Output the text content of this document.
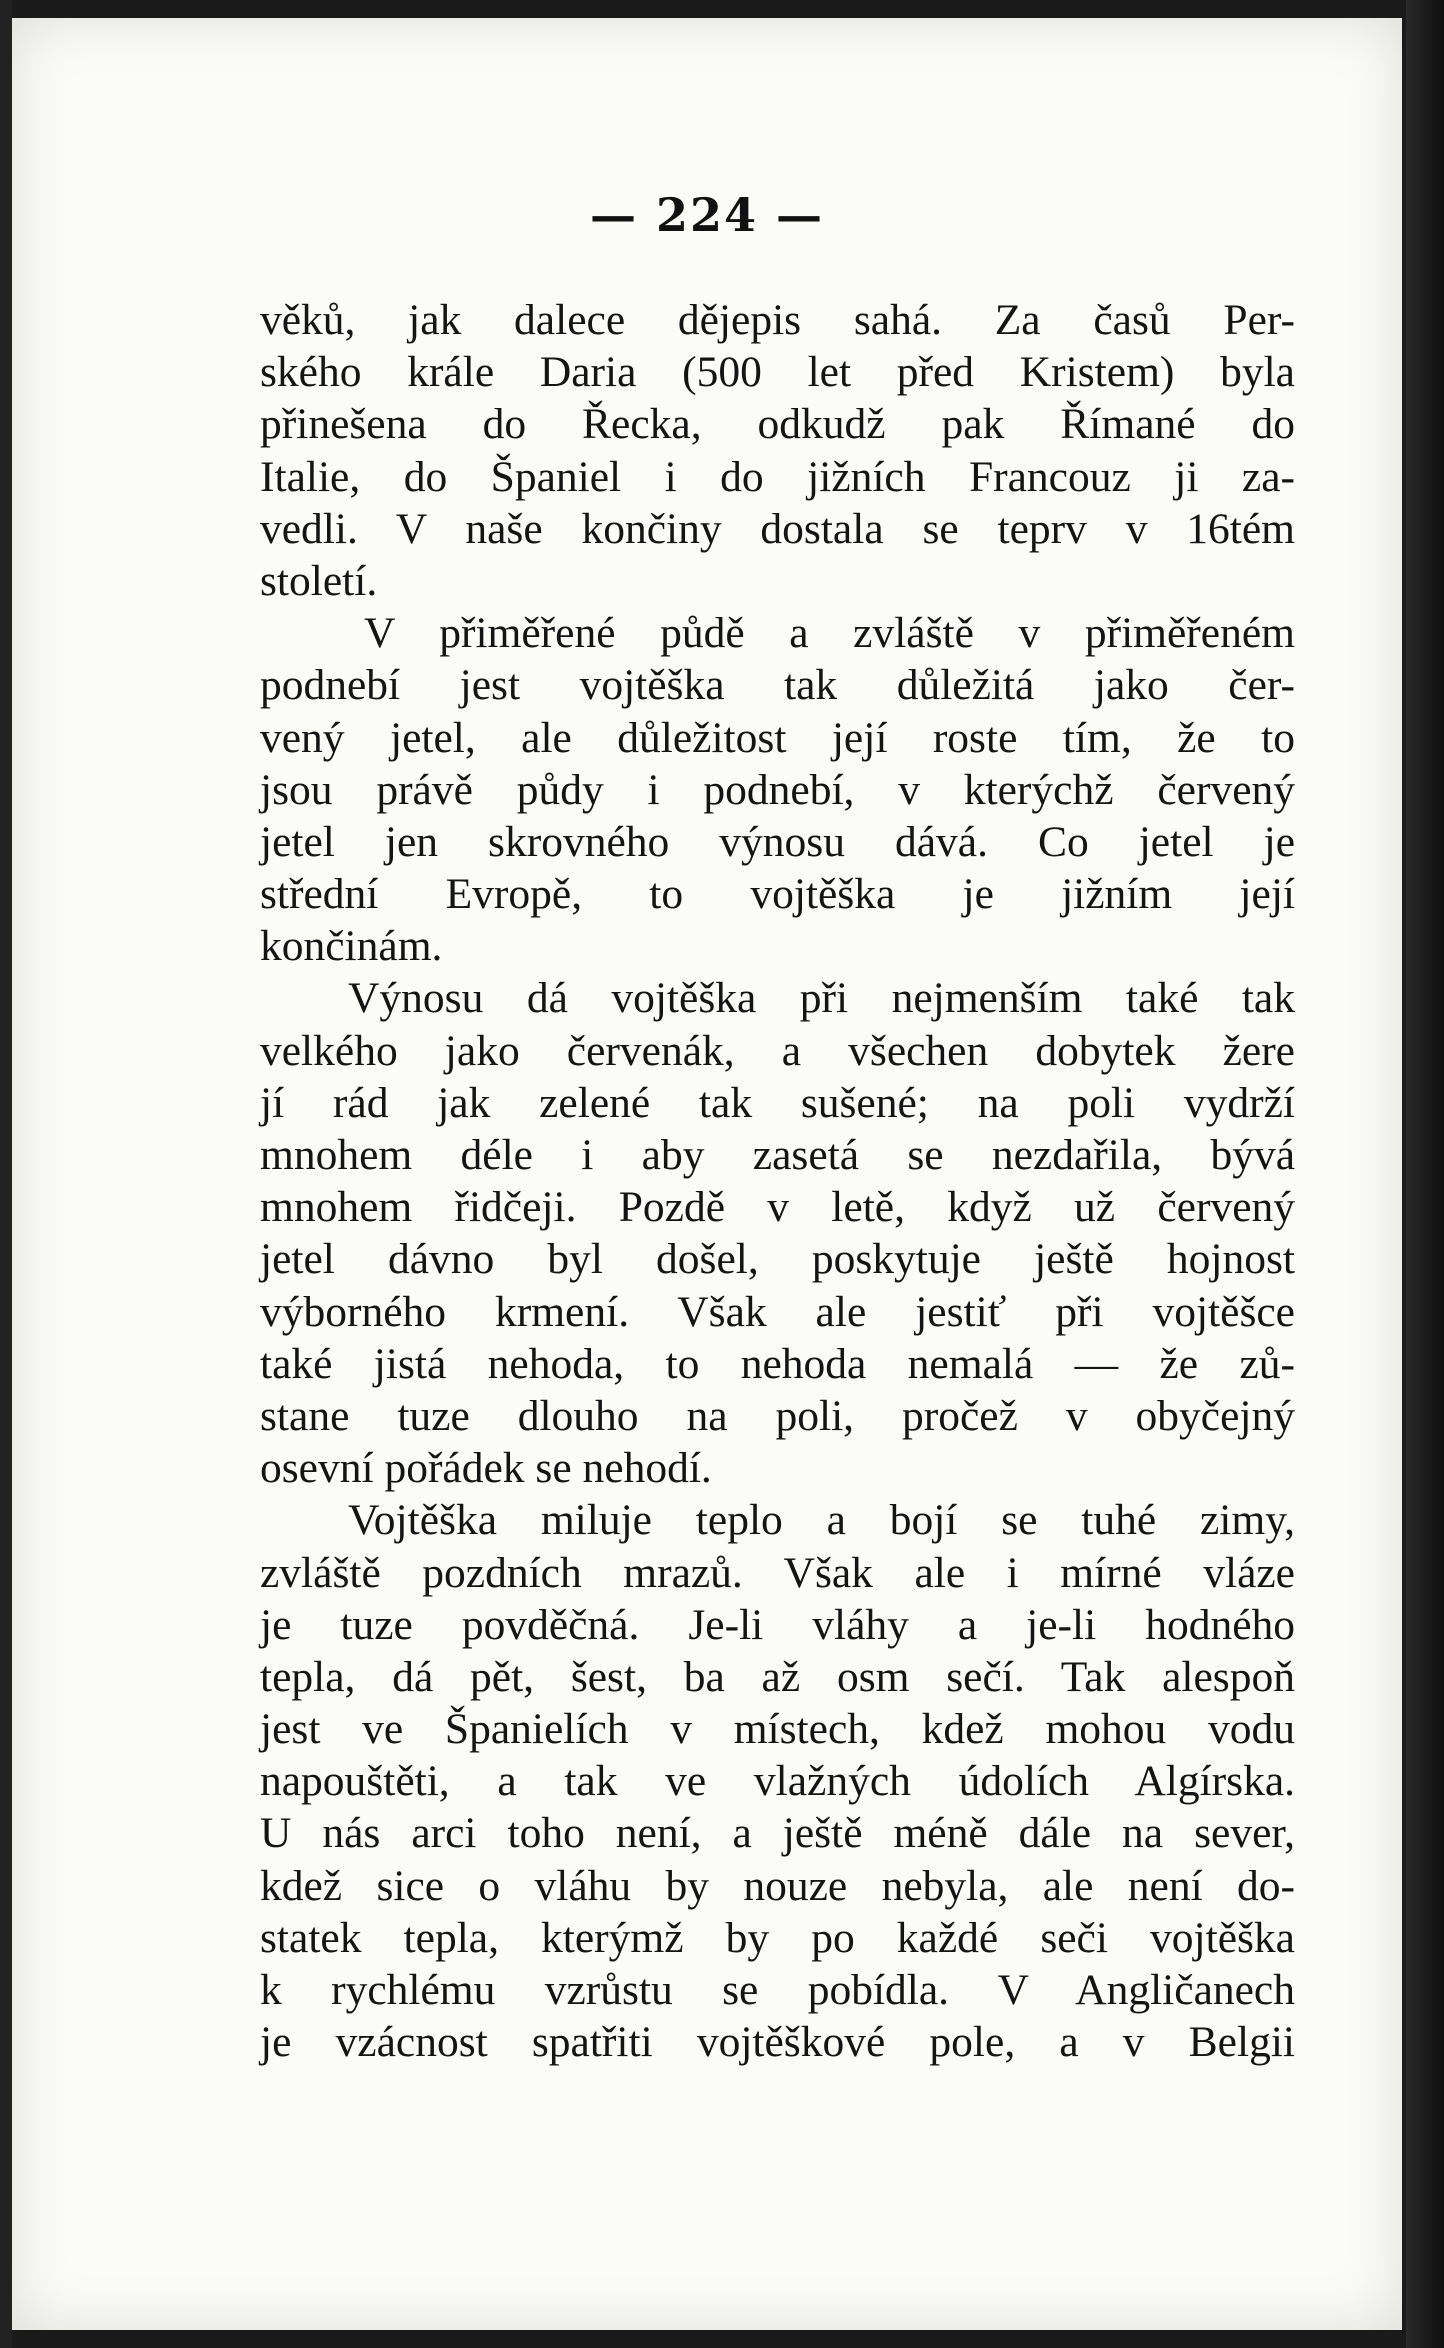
— 224 —
věků, jak dalece dějepis sahá. Za časů Per-
ského krále Daria (500 let před Kristem) byla
přinešena do Řecka, odkudž pak Římané do
Italie, do Španiel i do jižních Francouz ji za-
vedli. V naše končiny dostala se teprv v 16tém
století.
V přiměřené půdě a zvláště v přiměřeném
podnebí jest vojtěška tak důležitá jako čer-
vený jetel, ale důležitost její roste tím, že to
jsou právě půdy i podnebí, v kterýchž červený
jetel jen skrovného výnosu dává. Co jetel je
střední Evropě, to vojtěška je jižním její
končinám.
Výnosu dá vojtěška při nejmenším také tak
velkého jako červenák, a všechen dobytek žere
jí rád jak zelené tak sušené; na poli vydrží
mnohem déle i aby zasetá se nezdařila, bývá
mnohem řidčeji. Pozdě v letě, když už červený
jetel dávno byl došel, poskytuje ještě hojnost
výborného krmení. Však ale jestiť při vojtěšce
také jistá nehoda, to nehoda nemalá — že zů-
stane tuze dlouho na poli, pročež v obyčejný
osevní pořádek se nehodí.
Vojtěška miluje teplo a bojí se tuhé zimy,
zvláště pozdních mrazů. Však ale i mírné vláze
je tuze povděčná. Je-li vláhy a je-li hodného
tepla, dá pět, šest, ba až osm sečí. Tak alespoň
jest ve Španielích v místech, kdež mohou vodu
napouštěti, a tak ve vlažných údolích Algírska.
U nás arci toho není, a ještě méně dále na sever,
kdež sice o vláhu by nouze nebyla, ale není do-
statek tepla, kterýmž by po každé seči vojtěška
k rychlému vzrůstu se pobídla. V Angličanech
je vzácnost spatřiti vojtěškové pole, a v Belgii
